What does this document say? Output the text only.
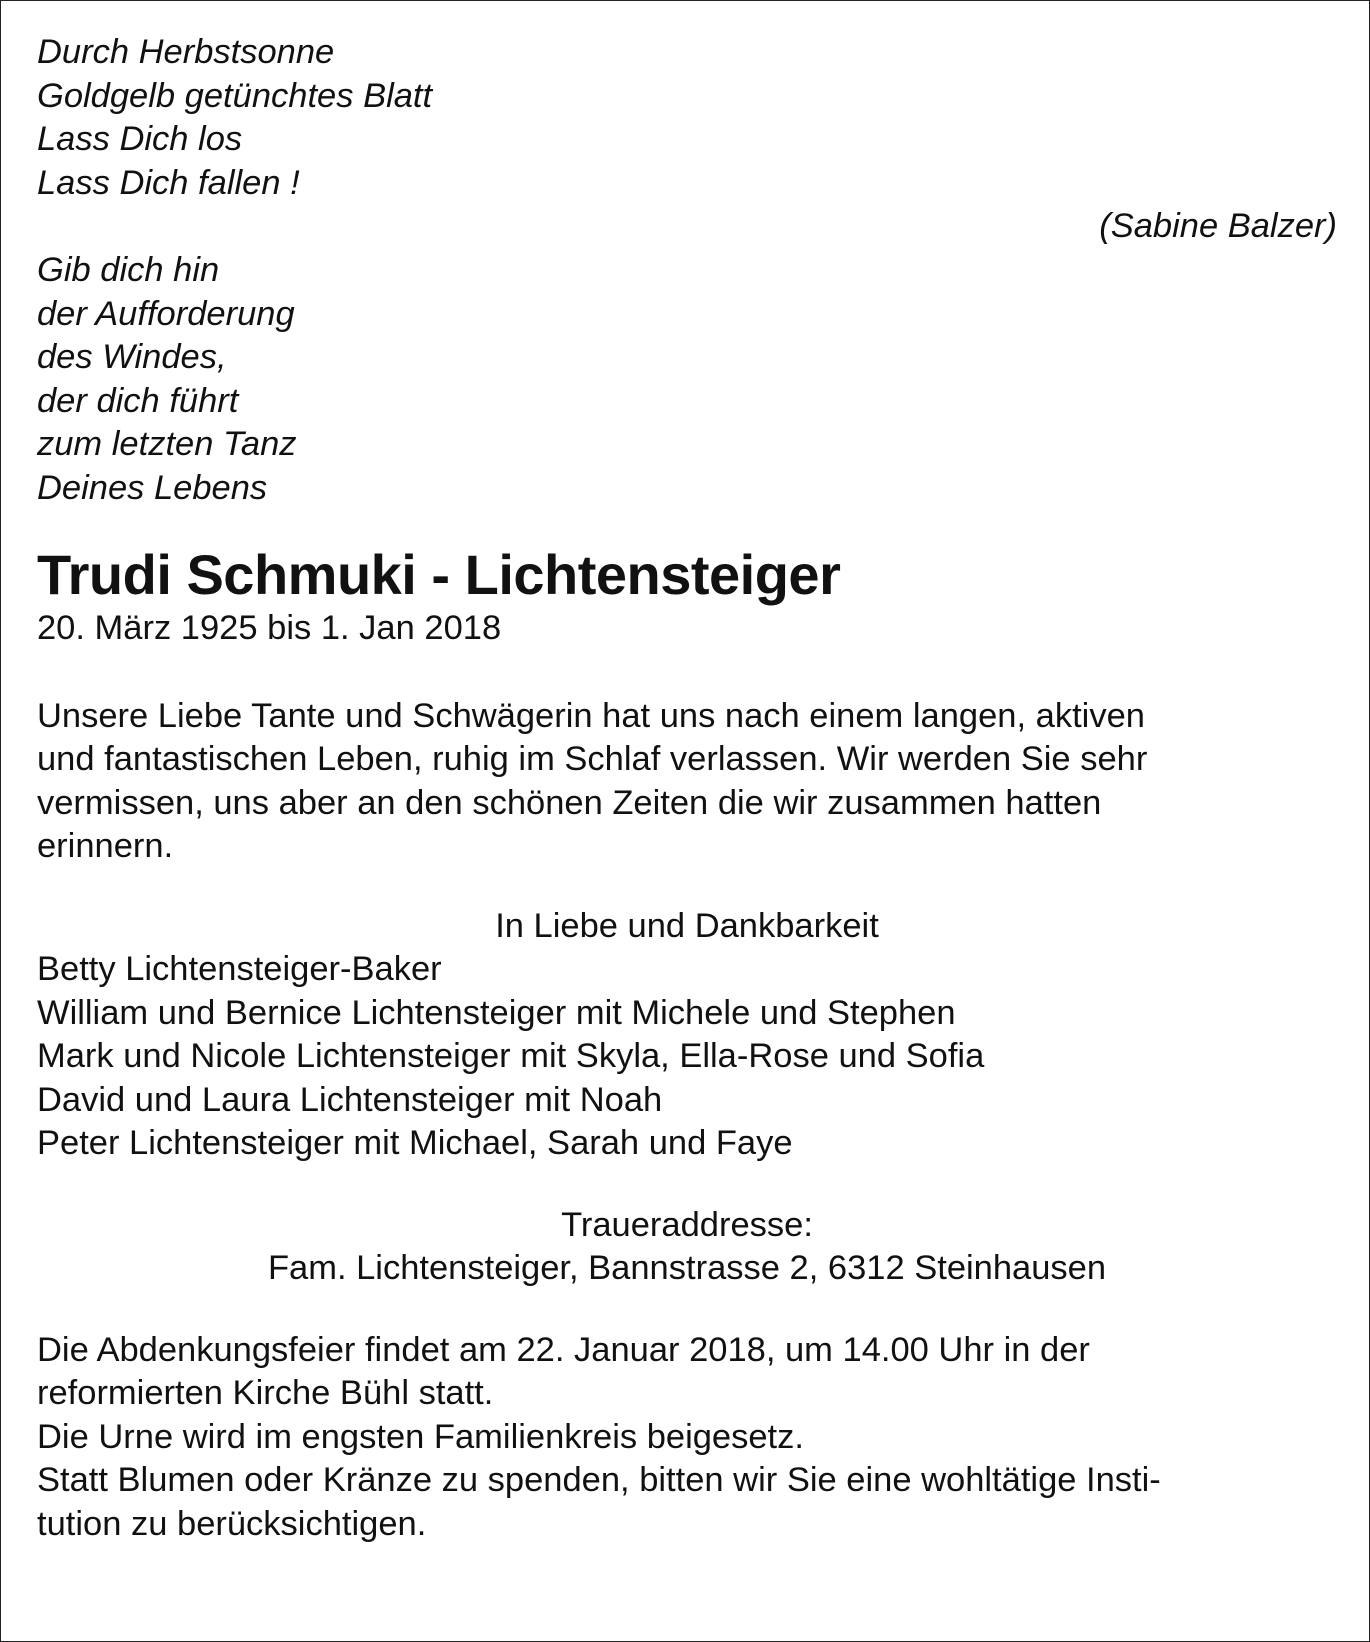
Durch Herbstsonne
Goldgelb getünchtes Blatt
Lass Dich los
Lass Dich fallen !
(Sabine Balzer)
Gib dich hin
der Aufforderung
des Windes,
der dich führt
zum letzten Tanz
Deines Lebens
Trudi Schmuki - Lichtensteiger

20. März 1925 bis 1. Jan 2018

Unsere Liebe Tante und Schwägerin hat uns nach einem langen, aktiven
und fantastischen Leben, ruhig im Schlaf verlassen. Wir werden Sie sehr
vermissen, uns aber an den schönen Zeiten die wir zusammen hatten
erinnern.

In Liebe und Dankbarkeit

Betty Lichtensteiger-Baker
William und Bernice Lichtensteiger mit Michele und Stephen
Mark und Nicole Lichtensteiger mit Skyla, Ella-Rose und Sofia
David und Laura Lichtensteiger mit Noah
Peter Lichtensteiger mit Michael, Sarah und Faye

Traueraddresse:
Fam. Lichtensteiger, Bannstrasse 2, 6312 Steinhausen

Die Abdenkungsfeier findet am 22. Januar 2018, um 14.00 Uhr in der
reformierten Kirche Bühl statt.
Die Urne wird im engsten Familienkreis beigesetz.
Statt Blumen oder Kränze zu spenden, bitten wir Sie eine wohltätige Insti-
tution zu berücksichtigen.
